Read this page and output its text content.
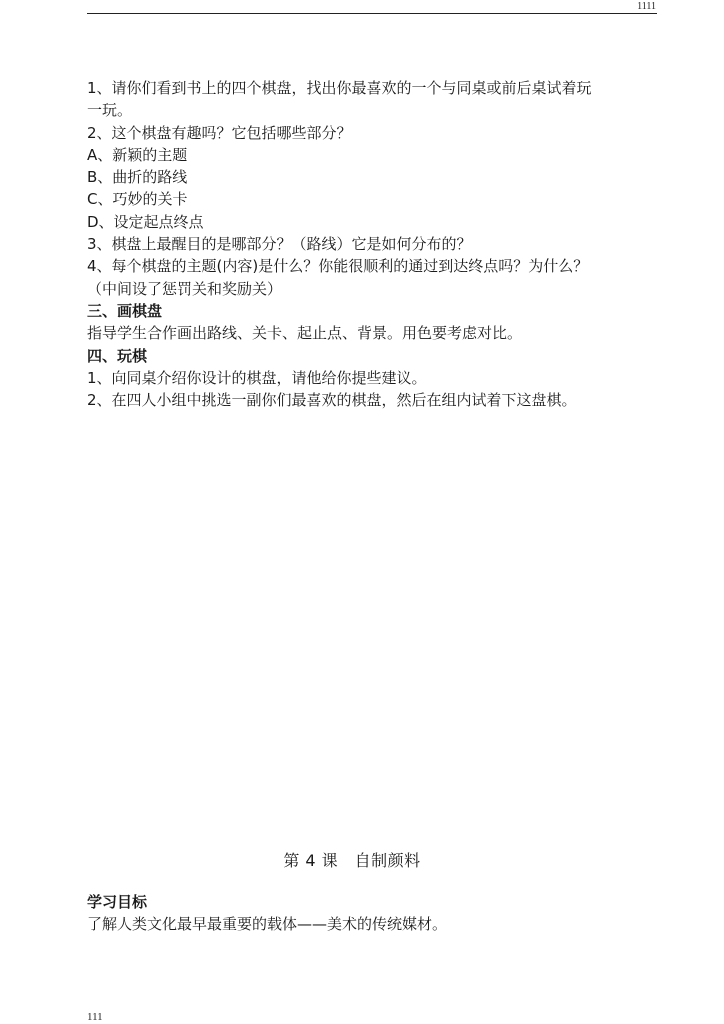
1111

1、请你们看到书上的四个棋盘，找出你最喜欢的一个与同桌或前后桌试着玩

一玩。

2、这个棋盘有趣吗？它包括哪些部分？

A、新颖的主题

B、曲折的路线

C、巧妙的关卡

D、设定起点终点

3、棋盘上最醒目的是哪部分？（路线）它是如何分布的？

4、每个棋盘的主题(内容)是什么？你能很顺利的通过到达终点吗？为什么？

（中间设了惩罚关和奖励关）

三、画棋盘

指导学生合作画出路线、关卡、起止点、背景。用色要考虑对比。

四、玩棋

1、向同桌介绍你设计的棋盘，请他给你提些建议。

2、在四人小组中挑选一副你们最喜欢的棋盘，然后在组内试着下这盘棋。

第 4 课　自制颜料

学习目标

了解人类文化最早最重要的载体——美术的传统媒材。

111
